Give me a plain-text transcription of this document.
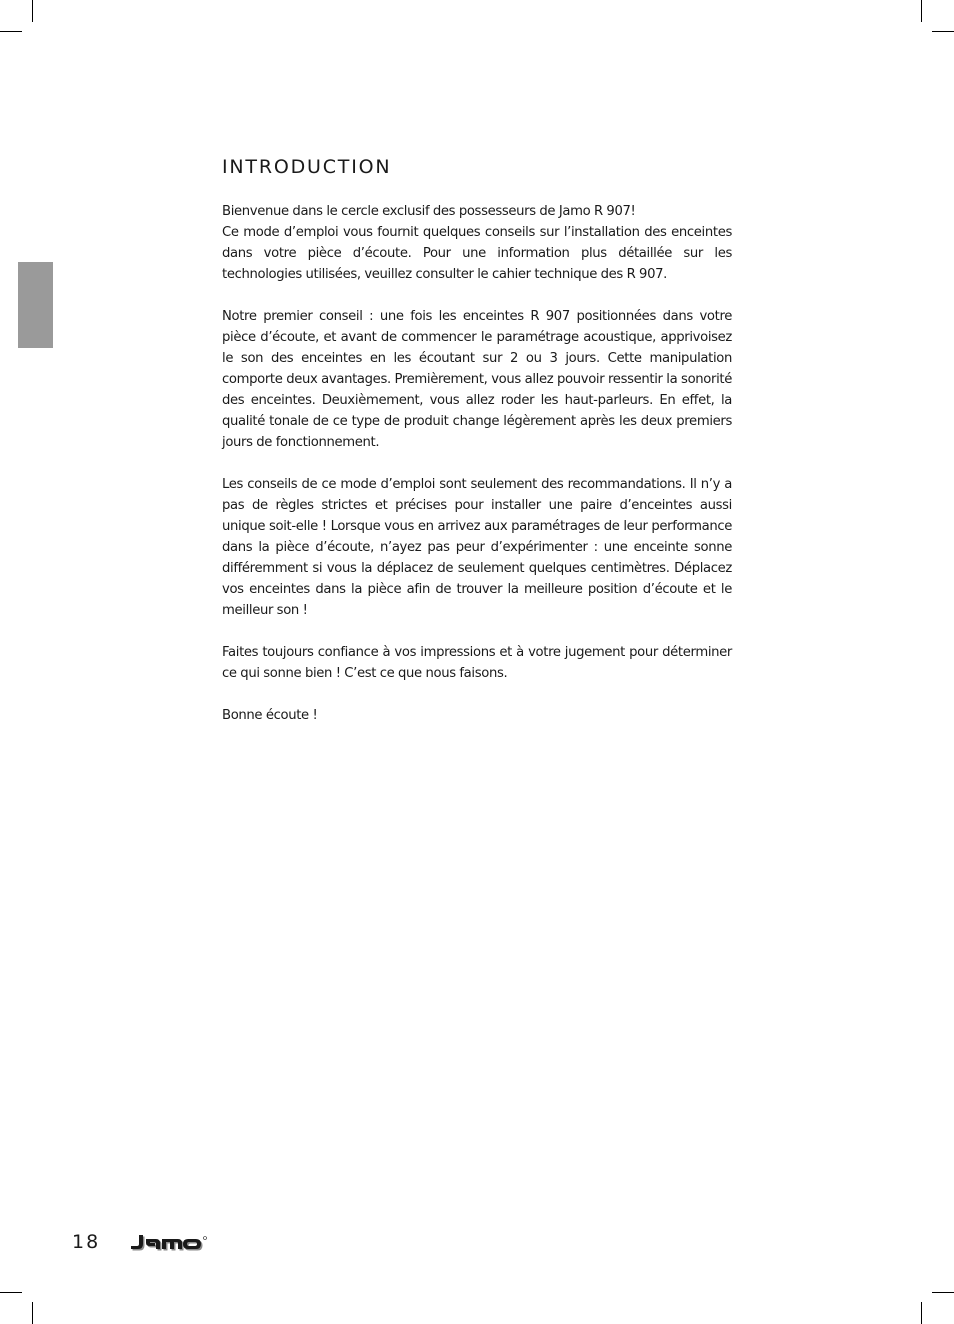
INTRODUCTION

Bienvenue dans le cercle exclusif des possesseurs de Jamo R 907!
Ce mode d’emploi vous fournit quelques conseils sur l’installation des enceintes dans votre pièce d’écoute. Pour une information plus détaillée sur les technologies utilisées, veuillez consulter le cahier technique des R 907.

Notre premier conseil : une fois les enceintes R 907 positionnées dans votre pièce d’écoute, et avant de commencer le paramétrage acoustique, apprivoisez le son des enceintes en les écoutant sur 2 ou 3 jours. Cette manipulation comporte deux avantages. Premièrement, vous allez pouvoir ressentir la sonorité des enceintes. Deuxièmement, vous allez roder les haut-parleurs. En effet, la qualité tonale de ce type de produit change légèrement après les deux premiers jours de fonctionnement.

Les conseils de ce mode d’emploi sont seulement des recommandations. Il n’y a pas de règles strictes et précises pour installer une paire d’enceintes aussi unique soit-elle ! Lorsque vous en arrivez aux paramétrages de leur performance dans la pièce d’écoute, n’ayez pas peur d’expérimenter : une enceinte sonne différemment si vous la déplacez de seulement quelques centimètres. Déplacez vos enceintes dans la pièce afin de trouver la meilleure position d’écoute et le meilleur son !

Faites toujours confiance à vos impressions et à votre jugement pour déterminer ce qui sonne bien ! C’est ce que nous faisons.

Bonne écoute !

18
